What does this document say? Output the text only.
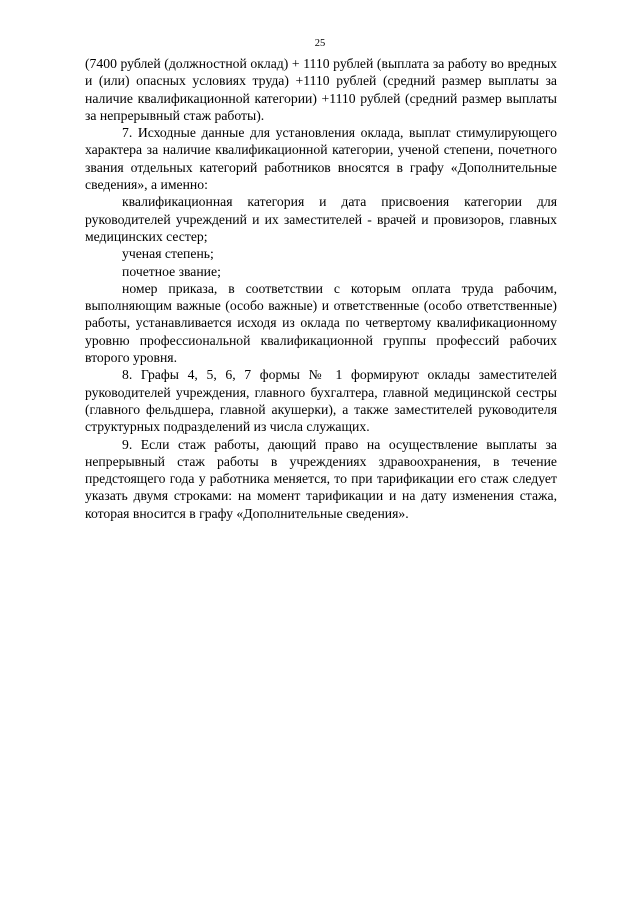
25

(7400 рублей (должностной оклад) + 1110 рублей (выплата за работу во вредных и (или) опасных условиях труда) +1110 рублей (средний размер выплаты за наличие квалификационной категории) +1110 рублей (средний размер выплаты за непрерывный стаж работы).

7. Исходные данные для установления оклада, выплат стимулирующего характера за наличие квалификационной категории, ученой степени, почетного звания отдельных категорий работников вносятся в графу «Дополнительные сведения», а именно:

квалификационная категория и дата присвоения категории для руководителей учреждений и их заместителей - врачей и провизоров, главных медицинских сестер;

ученая степень;

почетное звание;

номер приказа, в соответствии с которым оплата труда рабочим, выполняющим важные (особо важные) и ответственные (особо ответственные) работы, устанавливается исходя из оклада по четвертому квалификационному уровню профессиональной квалификационной группы профессий рабочих второго уровня.

8. Графы 4, 5, 6, 7 формы № 1 формируют оклады заместителей руководителей учреждения, главного бухгалтера, главной медицинской сестры (главного фельдшера, главной акушерки), а также заместителей руководителя структурных подразделений из числа служащих.

9. Если стаж работы, дающий право на осуществление выплаты за непрерывный стаж работы в учреждениях здравоохранения, в течение предстоящего года у работника меняется, то при тарификации его стаж следует указать двумя строками: на момент тарификации и на дату изменения стажа, которая вносится в графу «Дополнительные сведения».
